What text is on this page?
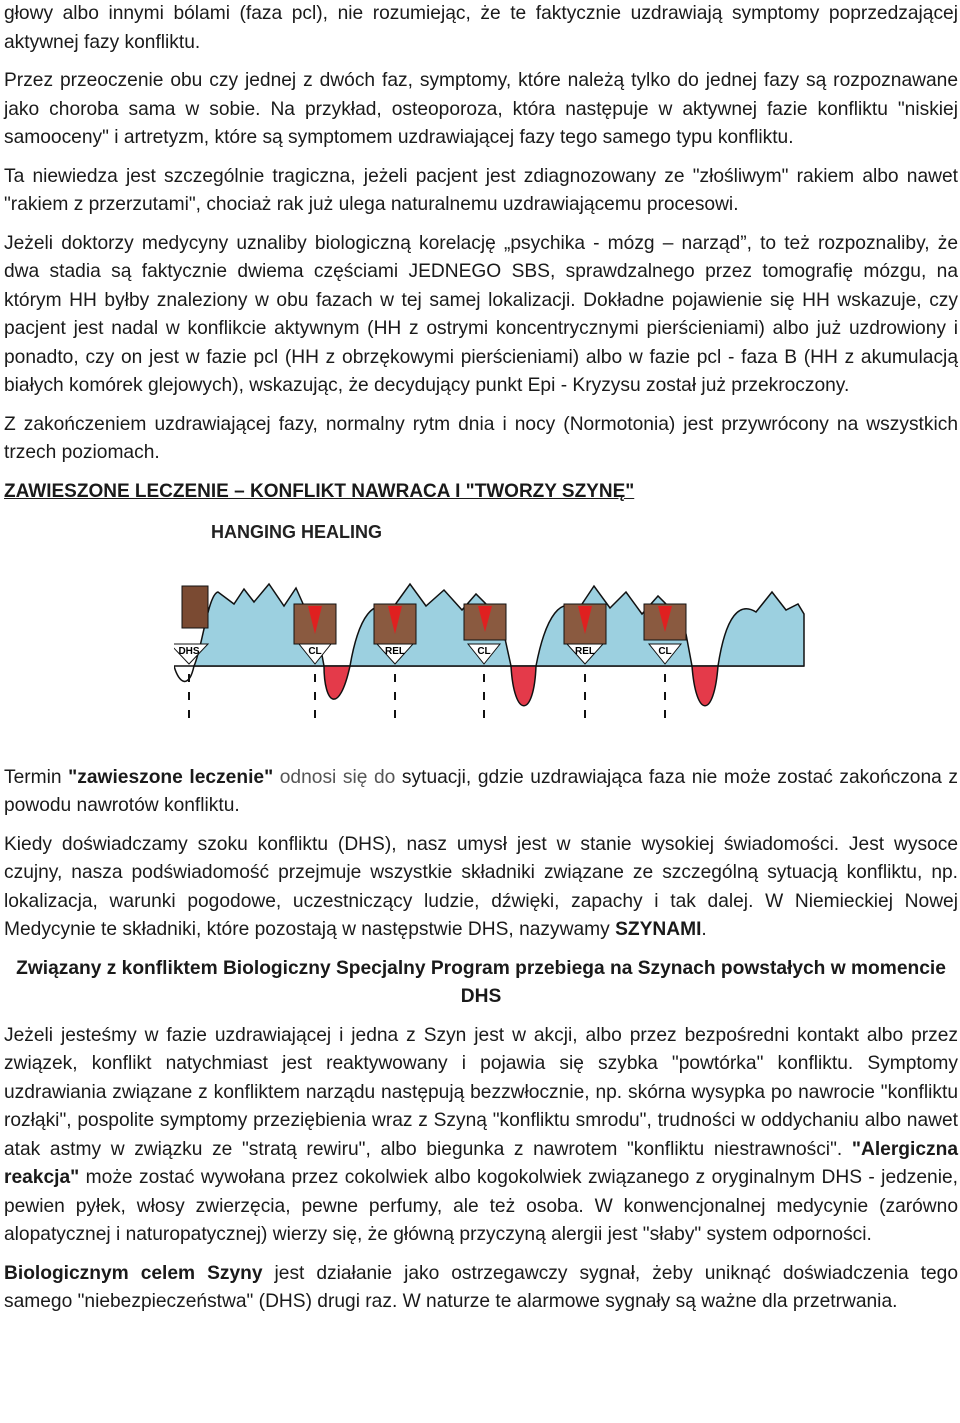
głowy albo innymi bólami (faza pcl), nie rozumiejąc, że te faktycznie uzdrawiają symptomy poprzedzającej aktywnej fazy konfliktu.

Przez przeoczenie obu czy jednej z dwóch faz, symptomy, które należą tylko do jednej fazy są rozpoznawane jako choroba sama w sobie. Na przykład, osteoporoza, która następuje w aktywnej fazie konfliktu "niskiej samooceny" i artretyzm, które są symptomem uzdrawiającej fazy tego samego typu konfliktu.

Ta niewiedza jest szczególnie tragiczna, jeżeli pacjent jest zdiagnozowany ze "złośliwym" rakiem albo nawet "rakiem z przerzutami", chociaż rak już ulega naturalnemu uzdrawiającemu procesowi.

Jeżeli doktorzy medycyny uznaliby biologiczną korelację „psychika - mózg – narząd”, to też rozpoznaliby, że dwa stadia są faktycznie dwiema częściami JEDNEGO SBS, sprawdzalnego przez tomografię mózgu, na którym HH byłby znaleziony w obu fazach w tej samej lokalizacji. Dokładne pojawienie się HH wskazuje, czy pacjent jest nadal w konflikcie aktywnym (HH z ostrymi koncentrycznymi pierścieniami) albo już uzdrowiony i ponadto, czy on jest w fazie pcl (HH z obrzękowymi pierścieniami) albo w fazie pcl - faza B (HH z akumulacją białych komórek glejowych), wskazując, że decydujący punkt Epi - Kryzysu został już przekroczony.

Z zakończeniem uzdrawiającej fazy, normalny rytm dnia i nocy (Normotonia) jest przywrócony na wszystkich trzech poziomach.

ZAWIESZONE LECZENIE – KONFLIKT NAWRACA I "TWORZY SZYNĘ"

HANGING HEALING
CL	REL	CL	REL	CL
DHS

Termin "zawieszone leczenie" odnosi się do sytuacji, gdzie uzdrawiająca faza nie może zostać zakończona z powodu nawrotów konfliktu.

Kiedy doświadczamy szoku konfliktu (DHS), nasz umysł jest w stanie wysokiej świadomości. Jest wysoce czujny, nasza podświadomość przejmuje wszystkie składniki związane ze szczególną sytuacją konfliktu, np. lokalizacja, warunki pogodowe, uczestniczący ludzie, dźwięki, zapachy i tak dalej. W Niemieckiej Nowej Medycynie te składniki, które pozostają w następstwie DHS, nazywamy SZYNAMI.

Związany z konfliktem Biologiczny Specjalny Program przebiega na Szynach powstałych w momencie DHS

Jeżeli jesteśmy w fazie uzdrawiającej i jedna z Szyn jest w akcji, albo przez bezpośredni kontakt albo przez związek, konflikt natychmiast jest reaktywowany i pojawia się szybka "powtórka" konfliktu. Symptomy uzdrawiania związane z konfliktem narządu następują bezzwłocznie, np. skórna wysypka po nawrocie "konfliktu rozłąki", pospolite symptomy przeziębienia wraz z Szyną "konfliktu smrodu", trudności w oddychaniu albo nawet atak astmy w związku ze "stratą rewiru", albo biegunka z nawrotem "konfliktu niestrawności". "Alergiczna reakcja" może zostać wywołana przez cokolwiek albo kogokolwiek związanego z oryginalnym DHS - jedzenie, pewien pyłek, włosy zwierzęcia, pewne perfumy, ale też osoba. W konwencjonalnej medycynie (zarówno alopatycznej i naturopatycznej) wierzy się, że główną przyczyną alergii jest "słaby" system odporności.

Biologicznym celem Szyny jest działanie jako ostrzegawczy sygnał, żeby uniknąć doświadczenia tego samego "niebezpieczeństwa" (DHS) drugi raz. W naturze te alarmowe sygnały są ważne dla przetrwania.
